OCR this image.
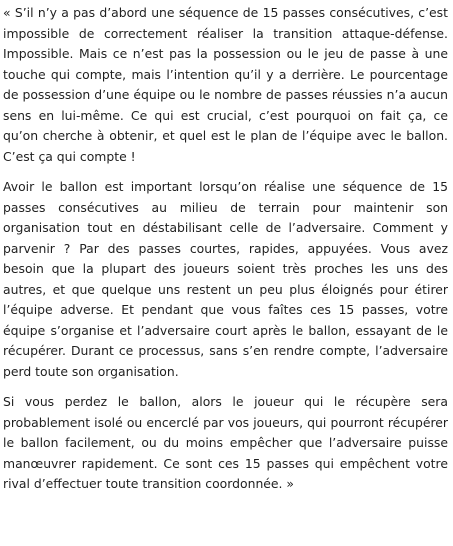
« S’il n’y a pas d’abord une séquence de 15 passes consécutives, c’est impossible de correctement réaliser la transition attaque-défense. Impossible. Mais ce n’est pas la possession ou le jeu de passe à une touche qui compte, mais l’intention qu’il y a derrière. Le pourcentage de possession d’une équipe ou le nombre de passes réussies n’a aucun sens en lui-même. Ce qui est crucial, c’est pourquoi on fait ça, ce qu’on cherche à obtenir, et quel est le plan de l’équipe avec le ballon. C’est ça qui compte !

Avoir le ballon est important lorsqu’on réalise une séquence de 15 passes consécutives au milieu de terrain pour maintenir son organisation tout en déstabilisant celle de l’adversaire. Comment y parvenir ? Par des passes courtes, rapides, appuyées. Vous avez besoin que la plupart des joueurs soient très proches les uns des autres, et que quelque uns restent un peu plus éloignés pour étirer l’équipe adverse. Et pendant que vous faîtes ces 15 passes, votre équipe s’organise et l’adversaire court après le ballon, essayant de le récupérer. Durant ce processus, sans s’en rendre compte, l’adversaire perd toute son organisation.

Si vous perdez le ballon, alors le joueur qui le récupère sera probablement isolé ou encerclé par vos joueurs, qui pourront récupérer le ballon facilement, ou du moins empêcher que l’adversaire puisse manœuvrer rapidement. Ce sont ces 15 passes qui empêchent votre rival d’effectuer toute transition coordonnée. »
